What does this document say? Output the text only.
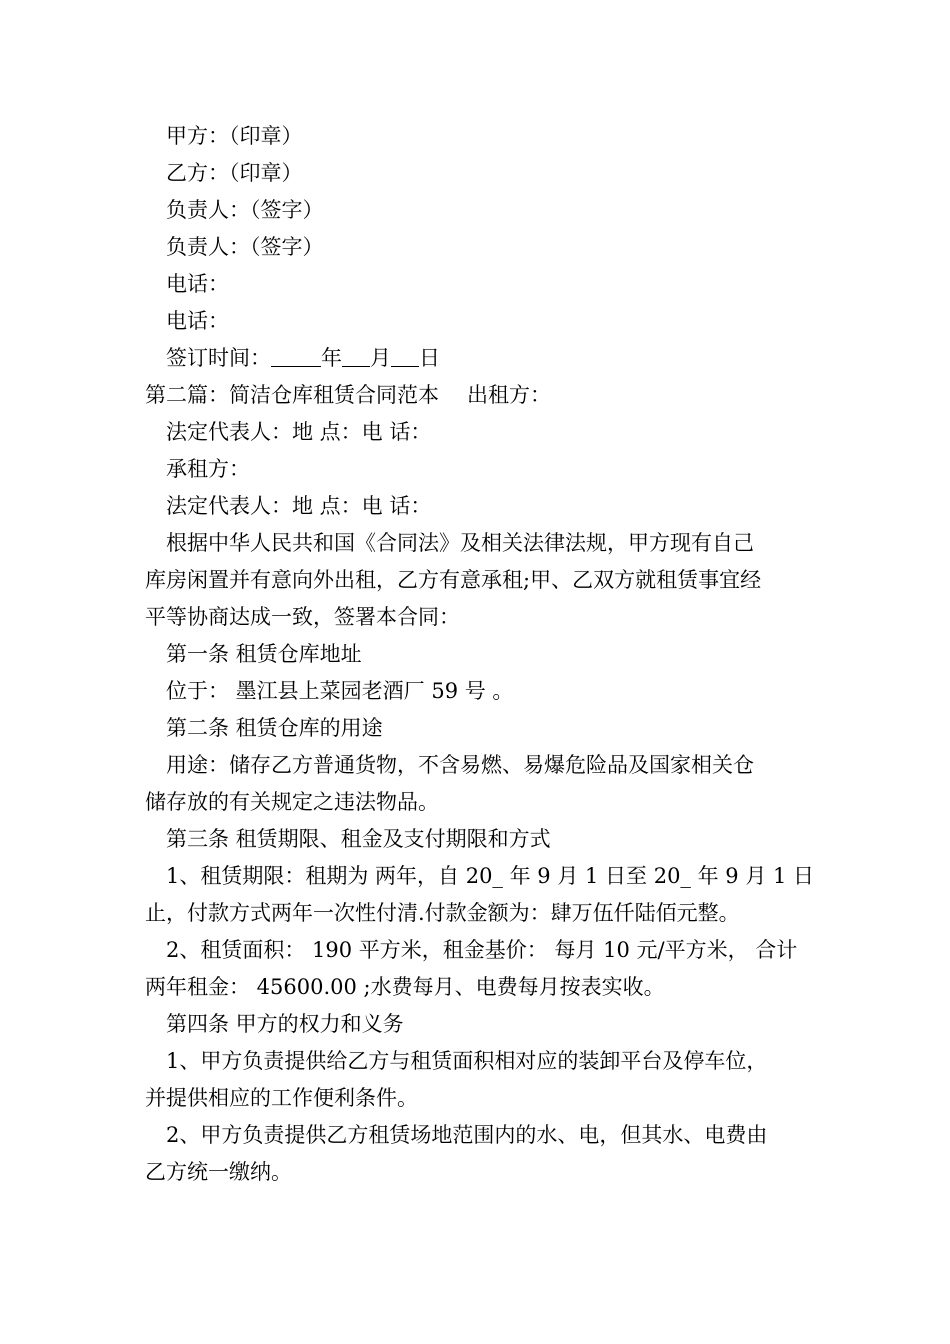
甲方：（印章）

乙方：（印章）

负责人：（签字）

负责人：（签字）

电话：

电话：

签订时间： 年 月 日

第二篇：简洁仓库租赁合同范本 出租方：

法定代表人：地 点：电 话：

承租方：

法定代表人：地 点：电 话：

根据中华人民共和国《合同法》及相关法律法规，甲方现有自己

库房闲置并有意向外出租，乙方有意承租;甲、乙双方就租赁事宜经

平等协商达成一致，签署本合同：

第一条 租赁仓库地址

位于： 墨江县上菜园老酒厂 59 号 。

第二条 租赁仓库的用途

用途：储存乙方普通货物，不含易燃、易爆危险品及国家相关仓

储存放的有关规定之违法物品。

第三条 租赁期限、租金及支付期限和方式

1、租赁期限：租期为 两年，自 20_ 年 9 月 1 日至 20_ 年 9 月 1 日

止，付款方式两年一次性付清.付款金额为：肆万伍仟陆佰元整。

2、租赁面积： 190 平方米，租金基价： 每月 10 元/平方米， 合计

两年租金： 45600.00 ;水费每月、电费每月按表实收。

第四条 甲方的权力和义务

1、甲方负责提供给乙方与租赁面积相对应的装卸平台及停车位，

并提供相应的工作便利条件。

2、甲方负责提供乙方租赁场地范围内的水、电，但其水、电费由

乙方统一缴纳。
